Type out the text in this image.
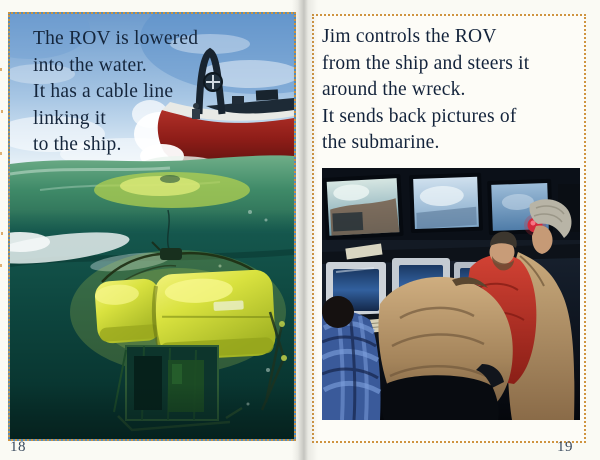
The ROV is lowered
into the water.
It has a cable line
linking it
to the ship.
18
Jim controls the ROV
from the ship and steers it
around the wreck.
It sends back pictures of
the submarine.
19
